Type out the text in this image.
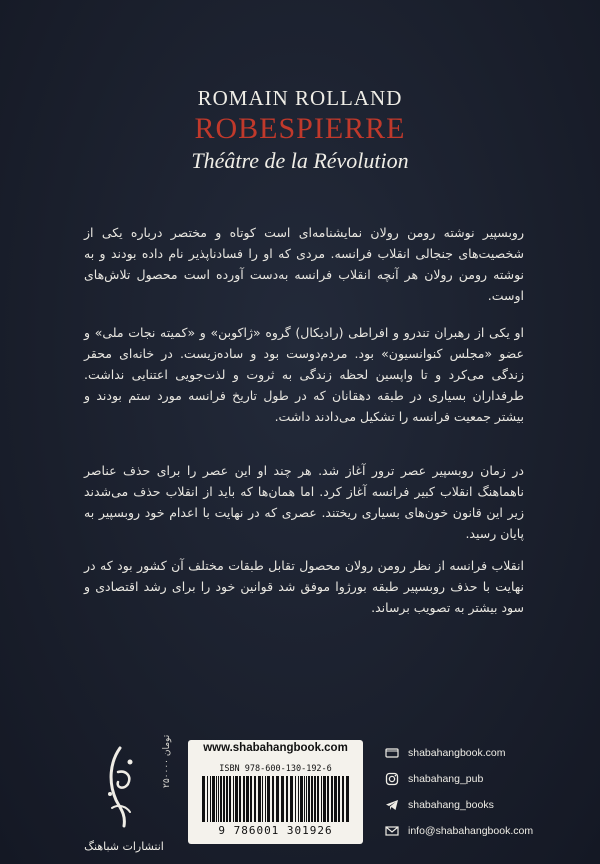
ROMAIN ROLLAND
ROBESPIERRE
Théâtre de la Révolution
روبسپیر نوشته رومن رولان نمایشنامه‌ای است کوتاه و مختصر درباره یکی از شخصیت‌های جنجالی انقلاب فرانسه. مردی که او را فسادناپذیر نام داده بودند و به نوشته رومن رولان هر آنچه انقلاب فرانسه به‌دست آورده است محصول تلاش‌های اوست.
او یکی از رهبران تندرو و افراطی (رادیکال) گروه «ژاکوبن» و «کمیته نجات ملی» و عضو «مجلس کنوانسیون» بود. مردم‌دوست بود و ساده‌زیست. در خانه‌ای محقر زندگی می‌کرد و تا واپسین لحظه زندگی به ثروت و لذت‌جویی اعتنایی نداشت. طرفداران بسیاری در طبقه دهقانان که در طول تاریخ فرانسه مورد ستم بودند و بیشتر جمعیت فرانسه را تشکیل می‌دادند داشت.
در زمان روبسپیر عصر ترور آغاز شد. هر چند او این عصر را برای حذف عناصر ناهماهنگ انقلاب کبیر فرانسه آغاز کرد. اما همان‌ها که باید از انقلاب حذف می‌شدند زیر این قانون خون‌های بسیاری ریختند. عصری که در نهایت با اعدام خود روبسپیر به پایان رسید.
انقلاب فرانسه از نظر رومن رولان محصول تقابل طبقات مختلف آن کشور بود که در نهایت با حذف روبسپیر طبقه بورژوا موفق شد قوانین خود را برای رشد اقتصادی و سود بیشتر به تصویب برساند.
انتشارات شباهنگ
۲۵۰۰۰۰ تومان	www.shabahangbook.com
ISBN 978-600-130-192-6
9 786001 301926
shabahangbook.com
shabahang_pub
shabahang_books
info@shabahangbook.com
